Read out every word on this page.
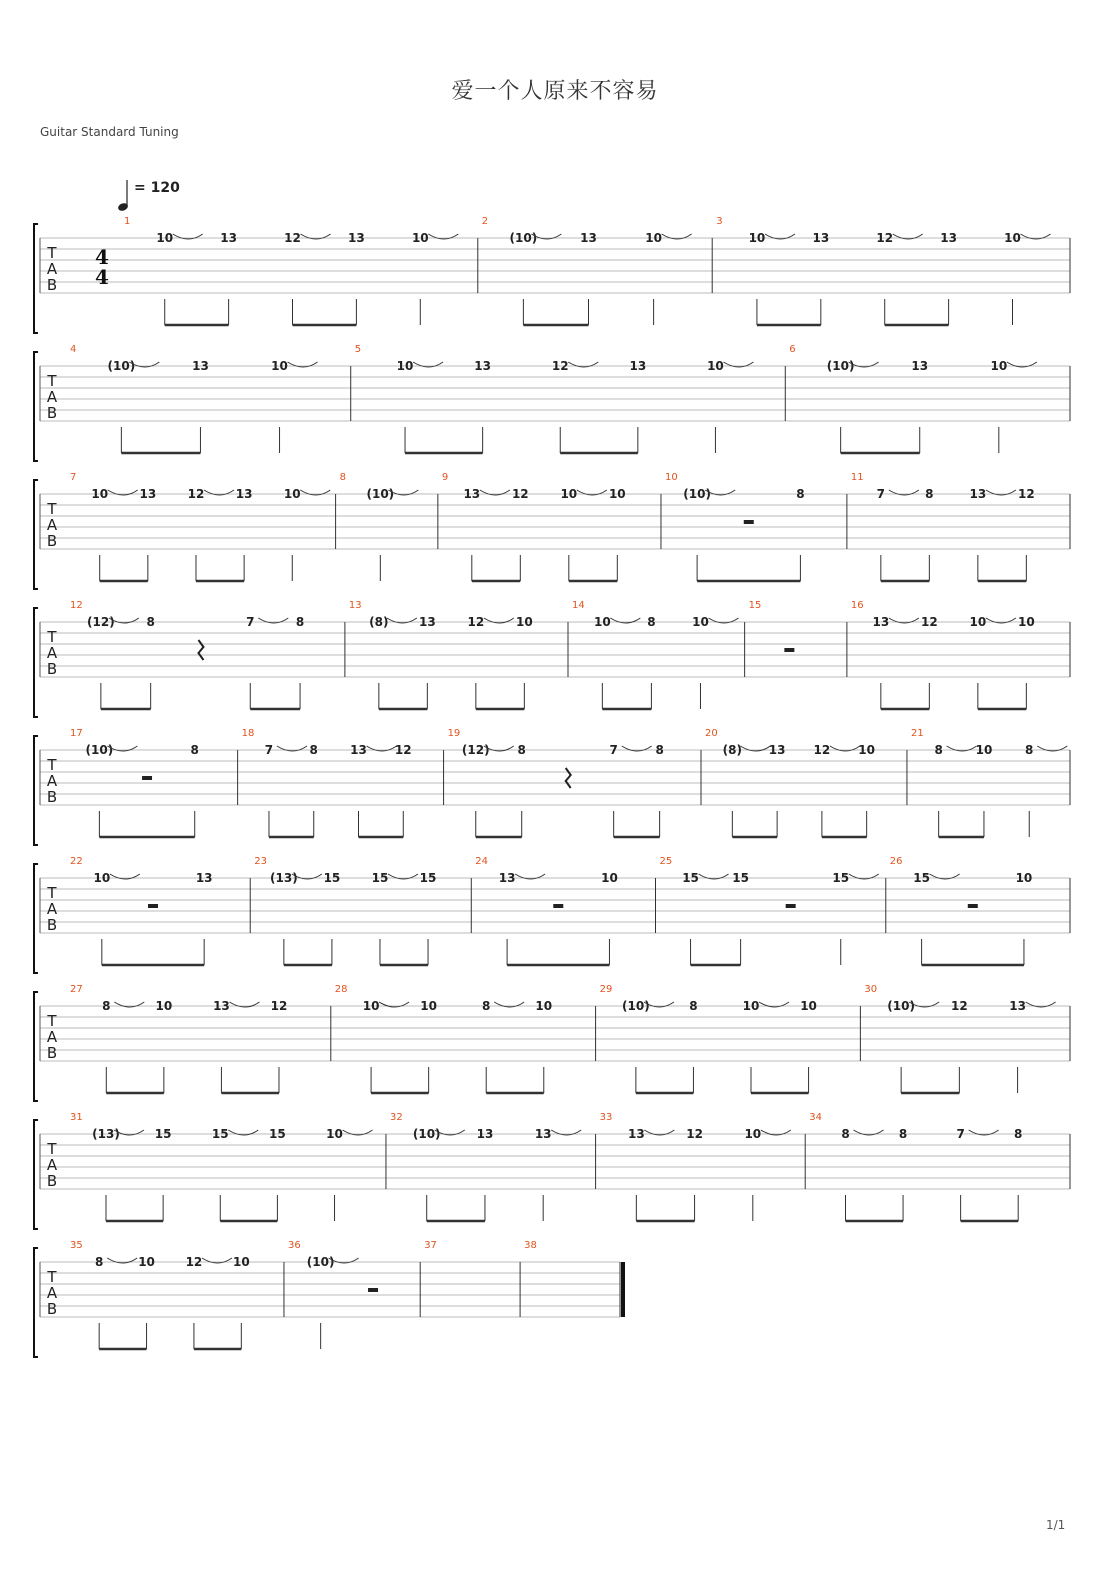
爱一个人原来不容易
Guitar Standard Tuning
= 120
T
A
B
4
4
1
10	13	12	13	10
2
(10)	13	10
3
10	13	12	13	10
T
A
B
4
(10)	13	10
5
10	13	12	13	10
6
(10)	13	10
T
A
B
7
10	13	12	13	10
8
(10)
9
13	12	10	10
10
(10)	8
11
7	8	13	12
T
A
B
12
(12)	8	7	8
13
(8)	13	12	10
14
10	8	10
15	16
13	12	10	10
T
A
B
17
(10)	8
18
7	8	13 12
19
(12) 8	7	8
20
(8) 13 12 10
21
8	10	8
T
A
B
22
10	13
23
(13) 15	15	15
24
13	10
25
15	15	15
26
15	10
T
A
B
27
8	10	13	12
28
10	10	8	10
29
(10)	8	10	10
30
(10)	12	13
T
A
B
31
(13)	15	15	15	10
32
(10)	13	13
33
13	12	10
34
8	8	7	8
T
A
B
35
8	10	12	10
36
(10)
37	38
1/1
